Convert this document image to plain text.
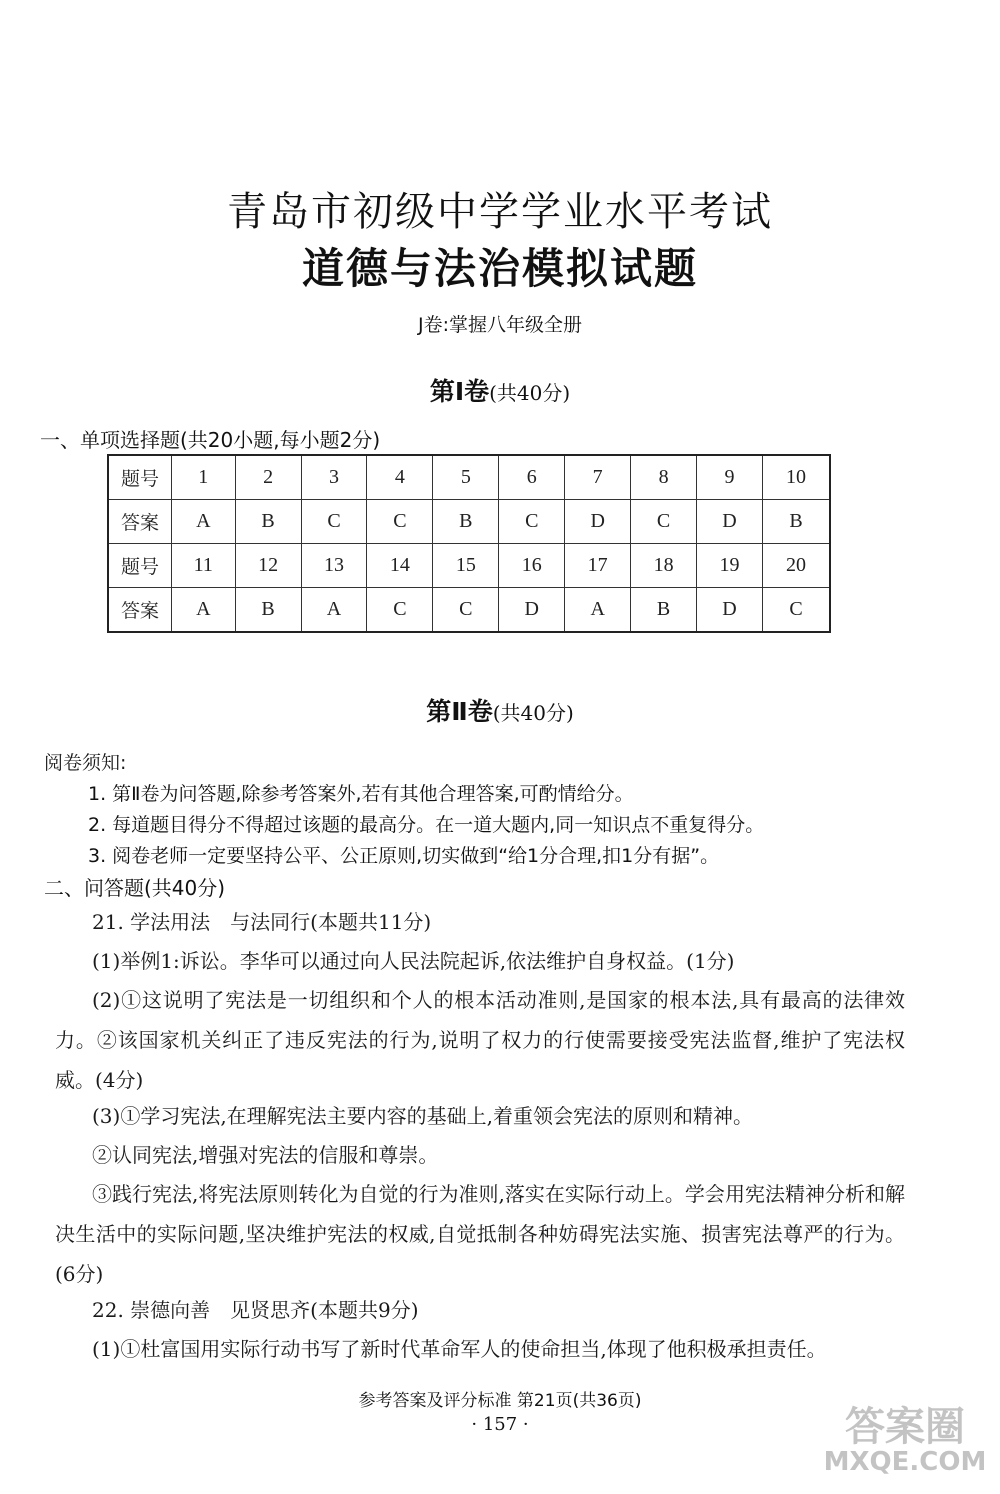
青岛市初级中学学业水平考试
道德与法治模拟试题
J卷:掌握八年级全册
第Ⅰ卷(共40分)
一、单项选择题(共20小题,每小题2分)
题号	1	2	3	4	5	6	7	8	9	10
答案	A	B	C	C	B	C	D	C	D	B
题号	11	12	13	14	15	16	17	18	19	20
答案	A	B	A	C	C	D	A	B	D	C
第Ⅱ卷(共40分)
阅卷须知:
1. 第Ⅱ卷为问答题,除参考答案外,若有其他合理答案,可酌情给分。
2. 每道题目得分不得超过该题的最高分。在一道大题内,同一知识点不重复得分。
3. 阅卷老师一定要坚持公平、公正原则,切实做到“给1分合理,扣1分有据”。
二、问答题(共40分)
21. 学法用法　与法同行(本题共11分)
(1)举例1:诉讼。李华可以通过向人民法院起诉,依法维护自身权益。(1分)
(2)①这说明了宪法是一切组织和个人的根本活动准则,是国家的根本法,具有最高的法律效力。②该国家机关纠正了违反宪法的行为,说明了权力的行使需要接受宪法监督,维护了宪法权威。(4分)
(3)①学习宪法,在理解宪法主要内容的基础上,着重领会宪法的原则和精神。
②认同宪法,增强对宪法的信服和尊崇。
③践行宪法,将宪法原则转化为自觉的行为准则,落实在实际行动上。学会用宪法精神分析和解决生活中的实际问题,坚决维护宪法的权威,自觉抵制各种妨碍宪法实施、损害宪法尊严的行为。(6分)
22. 崇德向善　见贤思齐(本题共9分)
(1)①杜富国用实际行动书写了新时代革命军人的使命担当,体现了他积极承担责任。
参考答案及评分标准 第21页(共36页)
· 157 ·	答案圈
MXQE.COM
